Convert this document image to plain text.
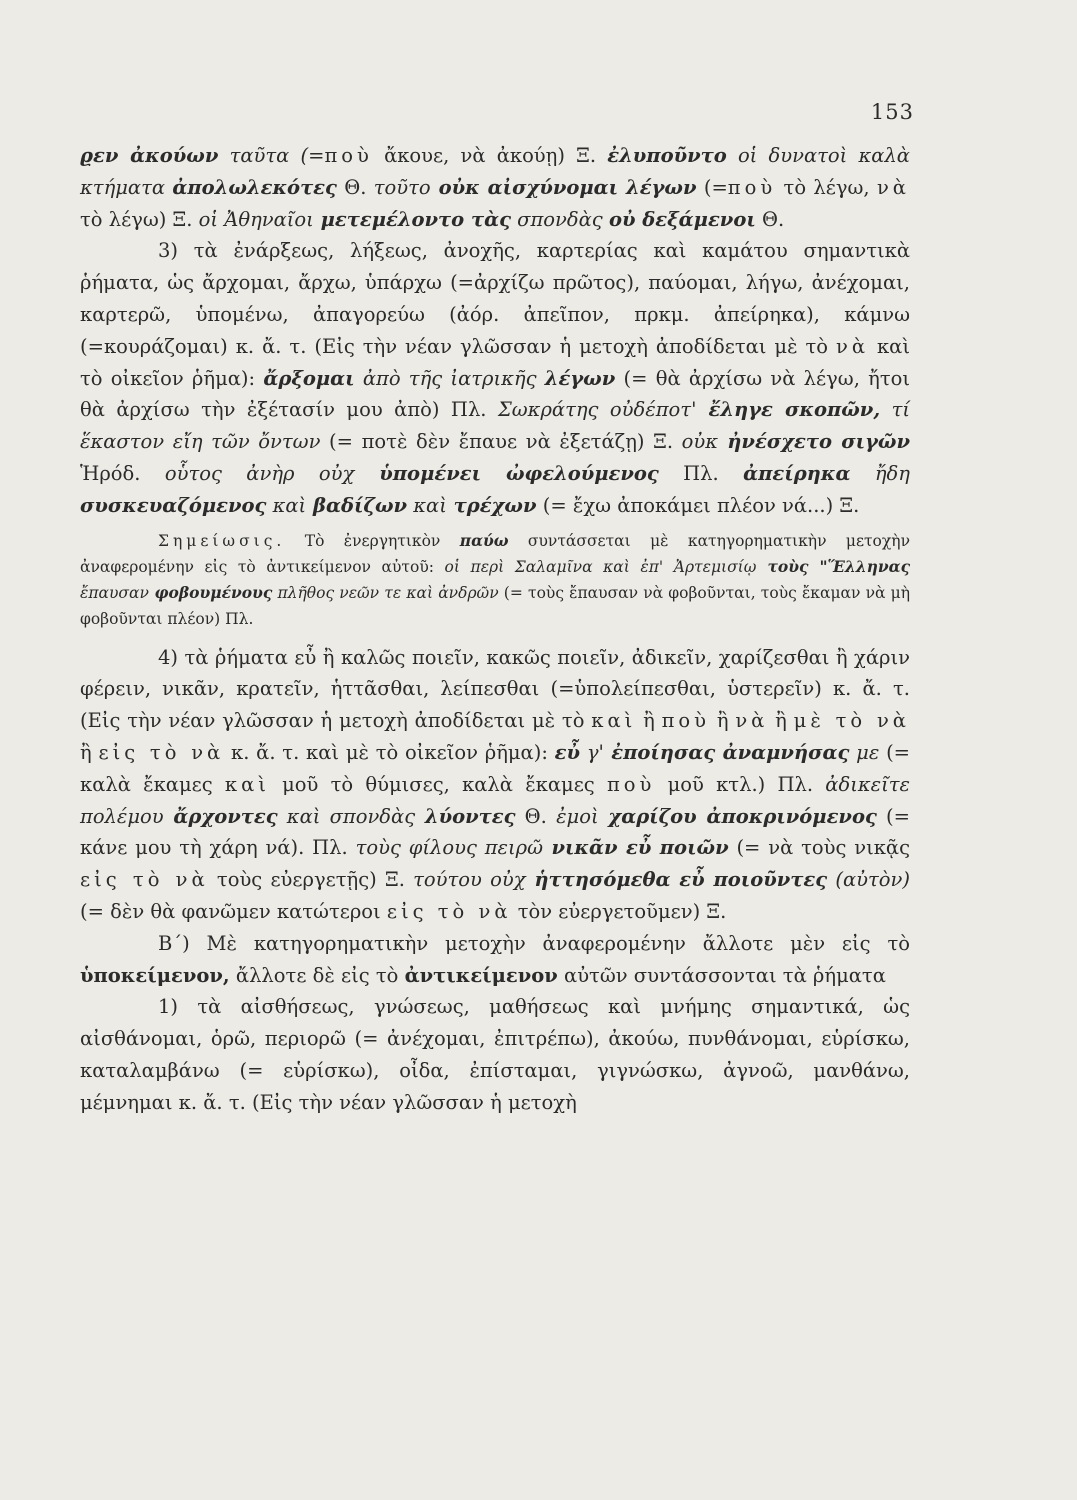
153

ϱεν ἀκούων ταῦτα (=ποὺ ἄκουε, νὰ ἀκούῃ) Ξ. ἐλυποῦντο οἱ δυνατοὶ καλὰ κτήματα ἀπολωλεκότες Θ. τοῦτο οὐκ αἰσχύνομαι λέγων (=ποὺ τὸ λέγω, νὰ τὸ λέγω) Ξ. οἱ Ἀθηναῖοι μετεμέλοντο τὰς σπονδὰς οὐ δεξάμενοι Θ.

3) τὰ ἐνάρξεως, λήξεως, ἀνοχῆς, καρτερίας καὶ καμάτου σημαντικὰ ῥήματα, ὡς ἄρχομαι, ἄρχω, ὑπάρχω (=ἀρχίζω πρῶτος), παύομαι, λήγω, ἀνέχομαι, καρτερῶ, ὑπομένω, ἀπαγορεύω (ἀόρ. ἀπεῖπον, πρκμ. ἀπείρηκα), κάμνω (=κουράζομαι) κ. ἄ. τ. (Εἰς τὴν νέαν γλῶσσαν ἡ μετοχὴ ἀποδίδεται μὲ τὸ νὰ καὶ τὸ οἰκεῖον ῥῆμα): ἄρξομαι ἀπὸ τῆς ἰατρικῆς λέγων (= θὰ ἀρχίσω νὰ λέγω, ἤτοι θὰ ἀρχίσω τὴν ἐξέτασίν μου ἀπὸ) Πλ. Σωκράτης οὐδέποτ' ἔληγε σκοπῶν, τί ἕκαστον εἴη τῶν ὄντων (= ποτὲ δὲν ἔπαυε νὰ ἐξετάζῃ) Ξ. οὐκ ἠνέσχετο σιγῶν Ἡρόδ. οὗτος ἀνὴρ οὐχ ὑπομένει ὠφελούμενος Πλ. ἀπείρηκα ἤδη συσκευαζόμενος καὶ βαδίζων καὶ τρέχων (= ἔχω ἀποκάμει πλέον νά...) Ξ.

Σημείωσις. Τὸ ἐνεργητικὸν παύω συντάσσεται μὲ κατηγορηματικὴν μετοχὴν ἀναφερομένην εἰς τὸ ἀντικείμενον αὐτοῦ: οἱ περὶ Σαλαμῖνα καὶ ἐπ' Ἀρτεμισίῳ τοὺς "Ἕλληνας ἔπαυσαν φοβουμένους πλῆθος νεῶν τε καὶ ἀνδρῶν (= τοὺς ἔπαυσαν νὰ φοβοῦνται, τοὺς ἔκαμαν νὰ μὴ φοβοῦνται πλέον) Πλ.

4) τὰ ῥήματα εὖ ἢ καλῶς ποιεῖν, κακῶς ποιεῖν, ἀδικεῖν, χαρίζεσθαι ἢ χάριν φέρειν, νικᾶν, κρατεῖν, ἡττᾶσθαι, λείπεσθαι (=ὑπολείπεσθαι, ὑστερεῖν) κ. ἄ. τ. (Εἰς τὴν νέαν γλῶσσαν ἡ μετοχὴ ἀποδίδεται μὲ τὸ καὶ ἢ ποὺ ἢ νὰ ἢ μὲ τὸ νὰ ἢ εἰς τὸ νὰ κ. ἄ. τ. καὶ μὲ τὸ οἰκεῖον ῥῆμα): εὖ γ' ἐποίησας ἀναμνήσας με (= καλὰ ἔκαμες καὶ μοῦ τὸ θύμισες, καλὰ ἔκαμες ποὺ μοῦ κτλ.) Πλ. ἀδικεῖτε πολέμου ἄρχοντες καὶ σπονδὰς λύοντες Θ. ἐμοὶ χαρίζου ἀποκρινόμενος (= κάνε μου τὴ χάρη νά). Πλ. τοὺς φίλους πειρῶ νικᾶν εὖ ποιῶν (= νὰ τοὺς νικᾷς εἰς τὸ νὰ τοὺς εὐεργετῇς) Ξ. τούτου οὐχ ἡττησόμεθα εὖ ποιοῦντες (αὐτὸν) (= δὲν θὰ φανῶμεν κατώτεροι εἰς τὸ νὰ τὸν εὐεργετοῦμεν) Ξ.

Β΄) Μὲ κατηγορηματικὴν μετοχὴν ἀναφερομένην ἄλλοτε μὲν εἰς τὸ ὑποκείμενον, ἄλλοτε δὲ εἰς τὸ ἀντικείμενον αὐτῶν συντάσσονται τὰ ῥήματα

1) τὰ αἰσθήσεως, γνώσεως, μαθήσεως καὶ μνήμης σημαντικά, ὡς αἰσθάνομαι, ὁρῶ, περιορῶ (= ἀνέχομαι, ἐπιτρέπω), ἀκούω, πυνθάνομαι, εὑρίσκω, καταλαμβάνω (= εὑρίσκω), οἶδα, ἐπίσταμαι, γιγνώσκω, ἀγνοῶ, μανθάνω, μέμνημαι κ. ἄ. τ. (Εἰς τὴν νέαν γλῶσσαν ἡ μετοχὴ
